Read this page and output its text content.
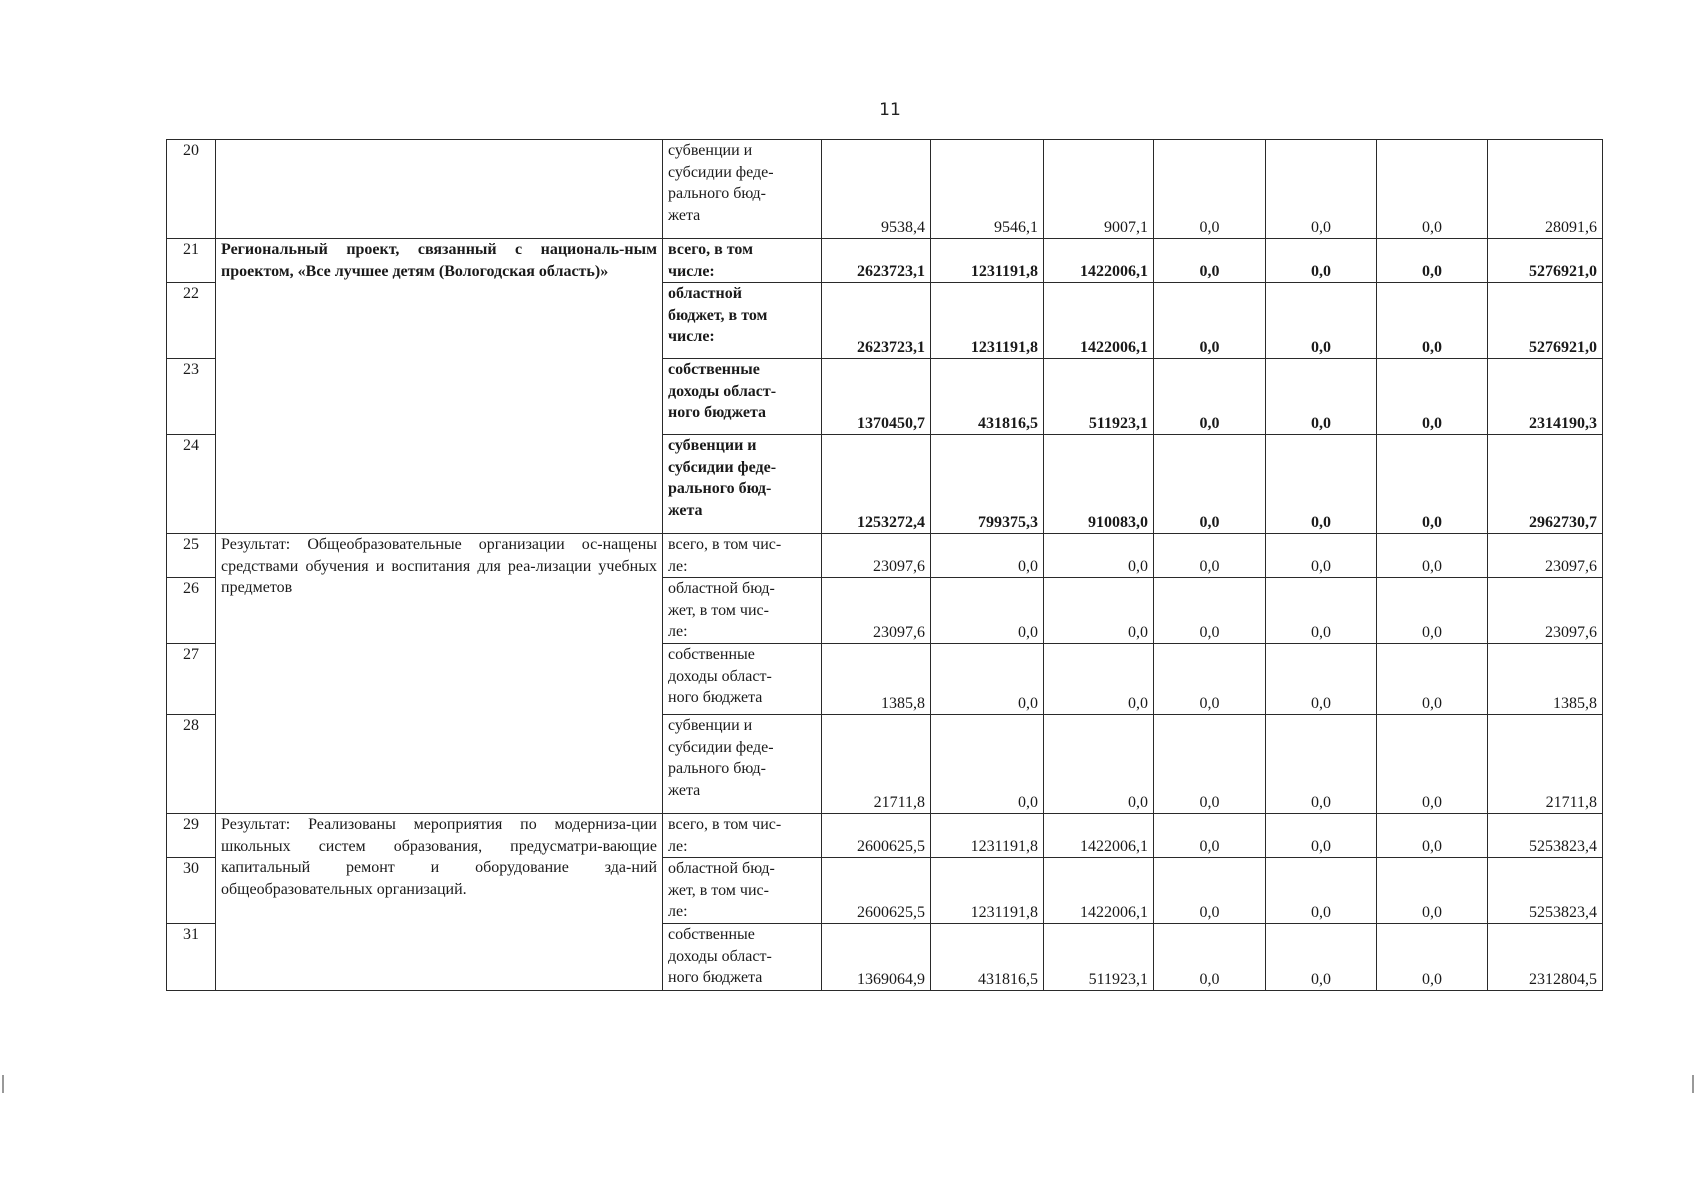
11
20		субвенции и
субсидии феде-
рального бюд-
жета	9538,4	9546,1	9007,1	0,0	0,0	0,0	28091,6
21	Региональный проект, связанный с националь-ным проектом, «Все лучшее детям (Вологодская область)»	всего, в том
числе:	2623723,1	1231191,8	1422006,1	0,0	0,0	0,0	5276921,0
22		областной
бюджет, в том
числе:	2623723,1	1231191,8	1422006,1	0,0	0,0	0,0	5276921,0
23		собственные
доходы област-
ного бюджета	1370450,7	431816,5	511923,1	0,0	0,0	0,0	2314190,3
24		субвенции и
субсидии феде-
рального бюд-
жета	1253272,4	799375,3	910083,0	0,0	0,0	0,0	2962730,7
25	Результат: Общеобразовательные организации ос-нащены средствами обучения и воспитания для реа-лизации учебных предметов	всего, в том чис-
ле:	23097,6	0,0	0,0	0,0	0,0	0,0	23097,6
26		областной бюд-
жет, в том чис-
ле:	23097,6	0,0	0,0	0,0	0,0	0,0	23097,6
27		собственные
доходы област-
ного бюджета	1385,8	0,0	0,0	0,0	0,0	0,0	1385,8
28		субвенции и
субсидии феде-
рального бюд-
жета	21711,8	0,0	0,0	0,0	0,0	0,0	21711,8
29	Результат: Реализованы мероприятия по модерниза-ции школьных систем образования, предусматри-вающие капитальный ремонт и оборудование зда-ний общеобразовательных организаций.	всего, в том чис-
ле:	2600625,5	1231191,8	1422006,1	0,0	0,0	0,0	5253823,4
30		областной бюд-
жет, в том чис-
ле:	2600625,5	1231191,8	1422006,1	0,0	0,0	0,0	5253823,4
31		собственные
доходы област-
ного бюджета	1369064,9	431816,5	511923,1	0,0	0,0	0,0	2312804,5
